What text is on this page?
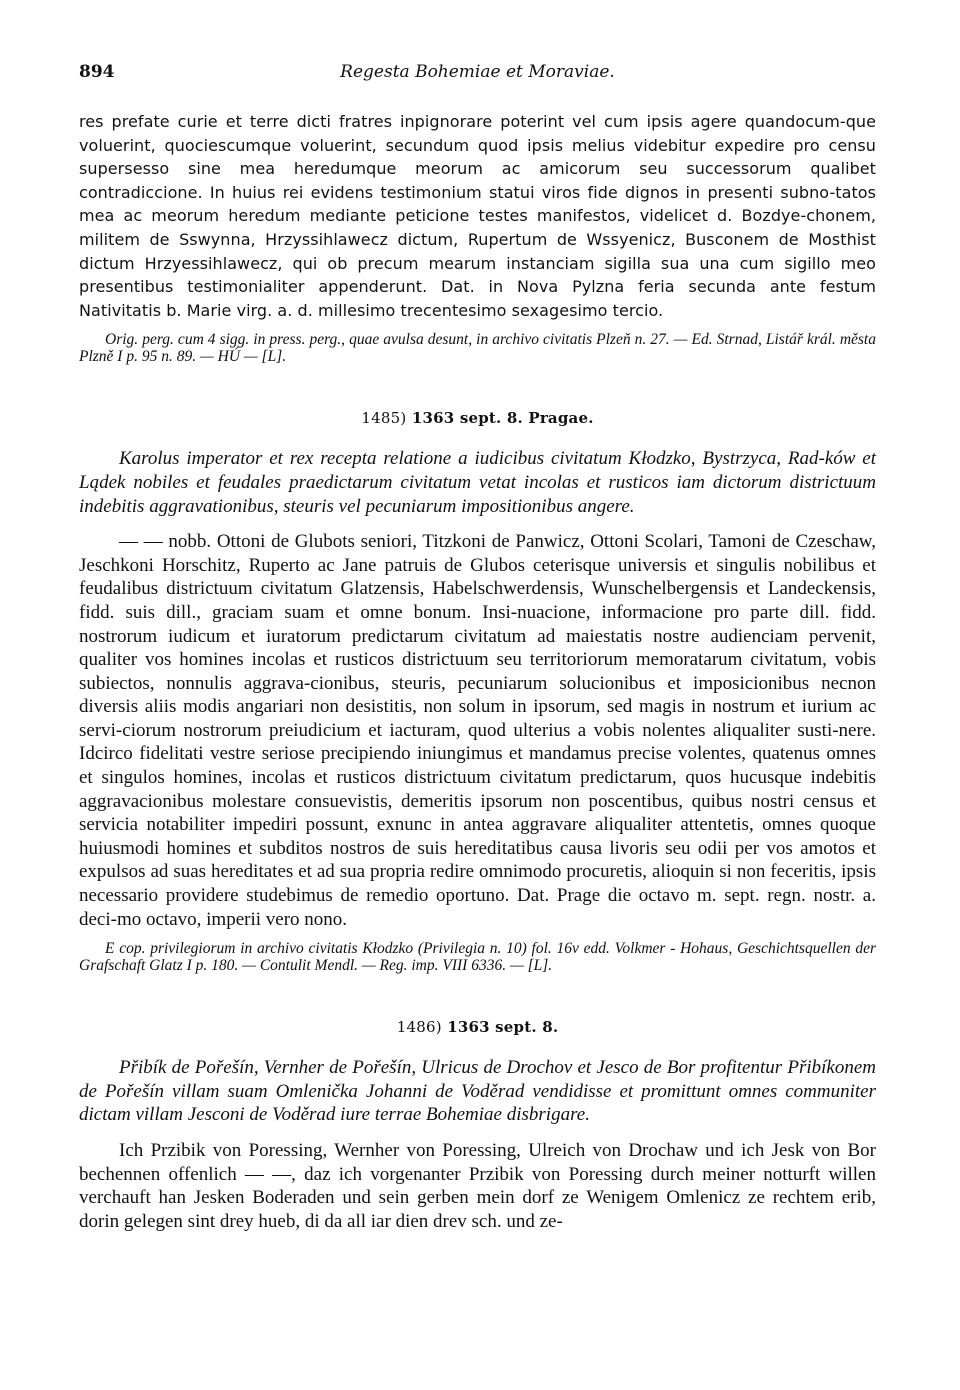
894	Regesta Bohemiae et Moraviae.

res prefate curie et terre dicti fratres inpignorare poterint vel cum ipsis agere quandocum-que voluerint, quociescumque voluerint, secundum quod ipsis melius videbitur expedire pro censu supersesso sine mea heredumque meorum ac amicorum seu successorum qualibet contradiccione. In huius rei evidens testimonium statui viros fide dignos in presenti subno-tatos mea ac meorum heredum mediante peticione testes manifestos, videlicet d. Bozdye-chonem, militem de Sswynna, Hrzyssihlawecz dictum, Rupertum de Wssyenicz, Busconem de Mosthist dictum Hrzyessihlawecz, qui ob precum mearum instanciam sigilla sua una cum sigillo meo presentibus testimonialiter appenderunt. Dat. in Nova Pylzna feria secunda ante festum Nativitatis b. Marie virg. a. d. millesimo trecentesimo sexagesimo tercio.

Orig. perg. cum 4 sigg. in press. perg., quae avulsa desunt, in archivo civitatis Plzeň n. 27. — Ed. Strnad, Listář král. města Plzně I p. 95 n. 89. — HÚ — [L].

1485) 1363 sept. 8. Pragae.

Karolus imperator et rex recepta relatione a iudicibus civitatum Kłodzko, Bystrzyca, Rad-ków et Lądek nobiles et feudales praedictarum civitatum vetat incolas et rusticos iam dictorum districtuum indebitis aggravationibus, steuris vel pecuniarum impositionibus angere.

— — nobb. Ottoni de Glubots seniori, Titzkoni de Panwicz, Ottoni Scolari, Tamoni de Czeschaw, Jeschkoni Horschitz, Ruperto ac Jane patruis de Glubos ceterisque universis et singulis nobilibus et feudalibus districtuum civitatum Glatzensis, Habelschwerdensis, Wunschelbergensis et Landeckensis, fidd. suis dill., graciam suam et omne bonum. Insi-nuacione, informacione pro parte dill. fidd. nostrorum iudicum et iuratorum predictarum civitatum ad maiestatis nostre audienciam pervenit, qualiter vos homines incolas et rusticos districtuum seu territoriorum memoratarum civitatum, vobis subiectos, nonnulis aggrava-cionibus, steuris, pecuniarum solucionibus et imposicionibus necnon diversis aliis modis angariari non desistitis, non solum in ipsorum, sed magis in nostrum et iurium ac servi-ciorum nostrorum preiudicium et iacturam, quod ulterius a vobis nolentes aliqualiter susti-nere. Idcirco fidelitati vestre seriose precipiendo iniungimus et mandamus precise volentes, quatenus omnes et singulos homines, incolas et rusticos districtuum civitatum predictarum, quos hucusque indebitis aggravacionibus molestare consuevistis, demeritis ipsorum non poscentibus, quibus nostri census et servicia notabiliter impediri possunt, exnunc in antea aggravare aliqualiter attentetis, omnes quoque huiusmodi homines et subditos nostros de suis hereditatibus causa livoris seu odii per vos amotos et expulsos ad suas hereditates et ad sua propria redire omnimodo procuretis, alioquin si non feceritis, ipsis necessario providere studebimus de remedio oportuno. Dat. Prage die octavo m. sept. regn. nostr. a. deci-mo octavo, imperii vero nono.

E cop. privilegiorum in archivo civitatis Kłodzko (Privilegia n. 10) fol. 16v edd. Volkmer - Hohaus, Geschichtsquellen der Grafschaft Glatz I p. 180. — Contulit Mendl. — Reg. imp. VIII 6336. — [L].

1486) 1363 sept. 8.

Přibík de Pořešín, Vernher de Pořešín, Ulricus de Drochov et Jesco de Bor profitentur Přibíkonem de Pořešín villam suam Omlenička Johanni de Voděrad vendidisse et promittunt omnes communiter dictam villam Jesconi de Voděrad iure terrae Bohemiae disbrigare.

Ich Przibik von Poressing, Wernher von Poressing, Ulreich von Drochaw und ich Jesk von Bor bechennen offenlich — —, daz ich vorgenanter Przibik von Poressing durch meiner notturft willen verchauft han Jesken Boderaden und sein gerben mein dorf ze Wenigem Omlenicz ze rechtem erib, dorin gelegen sint drey hueb, di da all iar dien drev sch. und ze-
